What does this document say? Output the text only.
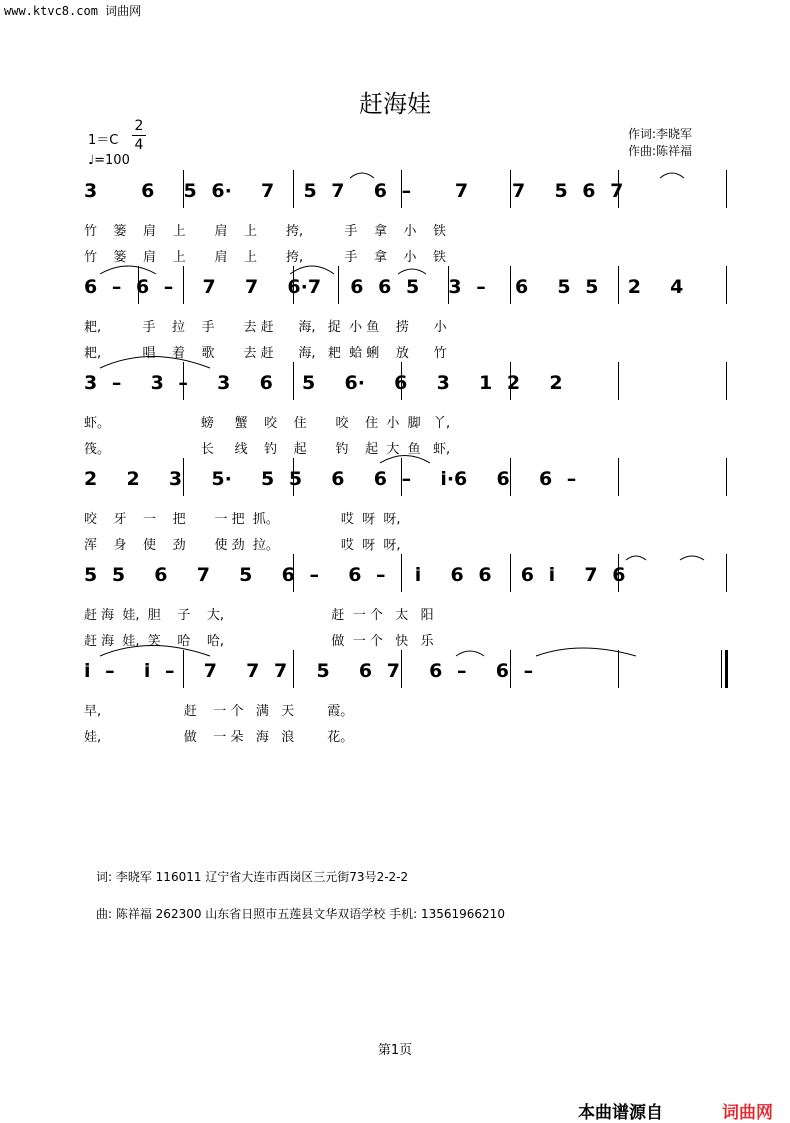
www.ktvc8.com 词曲网
赶海娃
1＝C
2
4
♩=100
作词:李晓军
作曲:陈祥福
3   6  5 6·  7  5 7  6 –   7   7  5 6 7
竹    篓    肩    上       肩    上       挎,          手    拿    小    铁
竹    篓    肩    上       肩    上       挎,          手    拿    小    铁
6 – 6 –  7  7  6·7  6 6 5  3 –  6  5 5  2  4
耙,          手    拉    手       去 赶      海,   捉  小 鱼    捞      小
耙,          唱    着    歌       去 赶      海,   耙  蛤 蜊    放      竹
3 –  3 –  3  6  5  6·  6  3  1 2  2
虾。                      螃     蟹    咬    住       咬    住  小  脚   丫,
筏。                      长     线    钓    起       钓    起  大  鱼   虾,
2  2  3  5·  5 5  6  6 –  i·6  6  6 –
咬    牙    一    把       一 把  抓。               哎  呀  呀,
浑    身    使    劲       使 劲  拉。               哎  呀  呀,
5 5  6  7  5  6 –  6 –  i  6 6  6 i  7 6
赶 海  娃,  胆    子    大,                          赶  一 个   太   阳
赶 海  娃,  笑    哈    哈,                          做  一 个   快   乐
i –  i –  7  7 7  5  6 7  6 –  6 –
早,                    赶    一 个   满   天        霞。
娃,                    做    一 朵   海   浪        花。
词: 李晓军 116011 辽宁省大连市西岗区三元街73号2-2-2
曲: 陈祥福 262300 山东省日照市五莲县文华双语学校 手机: 13561966210
第1页
本曲谱源自	词曲网
